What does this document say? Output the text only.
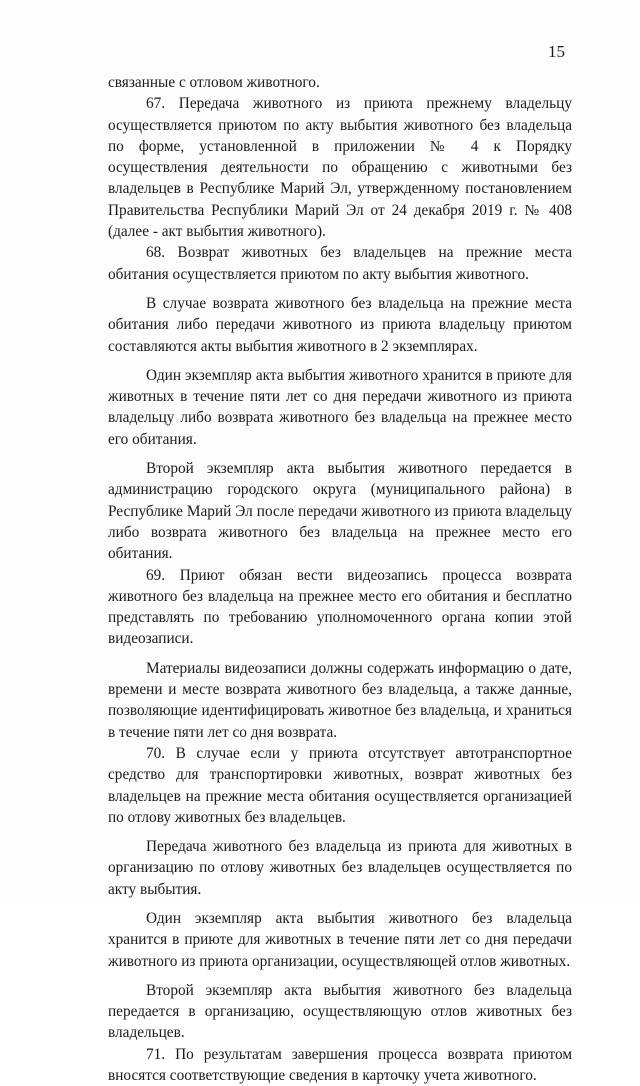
15

связанные с отловом животного.

67. Передача животного из приюта прежнему владельцу осуществляется приютом по акту выбытия животного без владельца по форме, установленной в приложении № 4 к Порядку осуществления деятельности по обращению с животными без владельцев в Республике Марий Эл, утвержденному постановлением Правительства Республики Марий Эл от 24 декабря 2019 г. № 408 (далее - акт выбытия животного).

68. Возврат животных без владельцев на прежние места обитания осуществляется приютом по акту выбытия животного.

В случае возврата животного без владельца на прежние места обитания либо передачи животного из приюта владельцу приютом составляются акты выбытия животного в 2 экземплярах.

Один экземпляр акта выбытия животного хранится в приюте для животных в течение пяти лет со дня передачи животного из приюта владельцу либо возврата животного без владельца на прежнее место его обитания.

Второй экземпляр акта выбытия животного передается в администрацию городского округа (муниципального района) в Республике Марий Эл после передачи животного из приюта владельцу либо возврата животного без владельца на прежнее место его обитания.

69. Приют обязан вести видеозапись процесса возврата животного без владельца на прежнее место его обитания и бесплатно представлять по требованию уполномоченного органа копии этой видеозаписи.

Материалы видеозаписи должны содержать информацию о дате, времени и месте возврата животного без владельца, а также данные, позволяющие идентифицировать животное без владельца, и храниться в течение пяти лет со дня возврата.

70. В случае если у приюта отсутствует автотранспортное средство для транспортировки животных, возврат животных без владельцев на прежние места обитания осуществляется организацией по отлову животных без владельцев.

Передача животного без владельца из приюта для животных в организацию по отлову животных без владельцев осуществляется по акту выбытия.

Один экземпляр акта выбытия животного без владельца хранится в приюте для животных в течение пяти лет со дня передачи животного из приюта организации, осуществляющей отлов животных.

Второй экземпляр акта выбытия животного без владельца передается в организацию, осуществляющую отлов животных без владельцев.

71. По результатам завершения процесса возврата приютом вносятся соответствующие сведения в карточку учета животного.
